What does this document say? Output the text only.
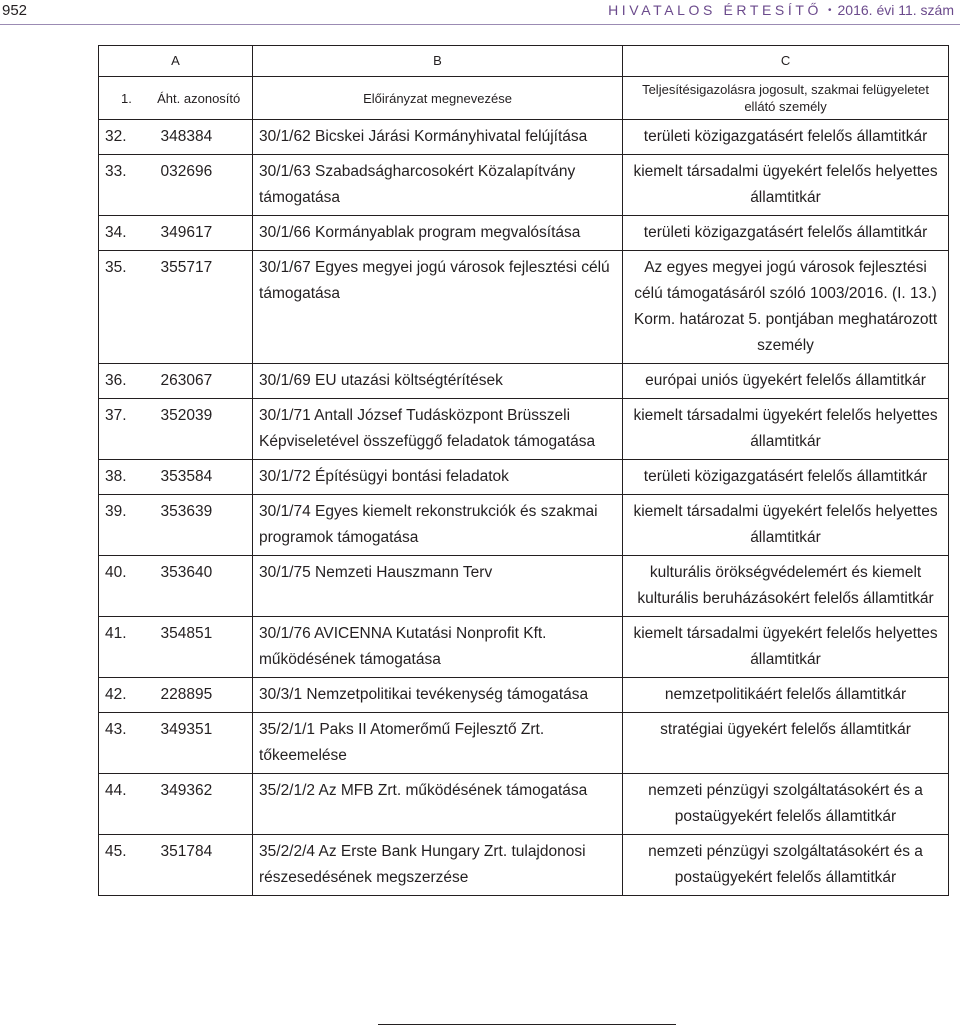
952	HIVATALOS ÉRTESÍTŐ • 2016. évi 11. szám
A		B	C
1. Áht. azonosító		Előirányzat megnevezése	Teljesítésigazolásra jogosult, szakmai felügyeletet ellátó személy
32.	348384	30/1/62 Bicskei Járási Kormányhivatal felújítása	területi közigazgatásért felelős államtitkár
33.	032696	30/1/63 Szabadságharcosokért Közalapítvány támogatása	kiemelt társadalmi ügyekért felelős helyettes államtitkár
34.	349617	30/1/66 Kormányablak program megvalósítása	területi közigazgatásért felelős államtitkár
35.	355717	30/1/67 Egyes megyei jogú városok fejlesztési célú támogatása	Az egyes megyei jogú városok fejlesztési célú támogatásáról szóló 1003/2016. (I. 13.) Korm. határozat 5. pontjában meghatározott személy
36.	263067	30/1/69 EU utazási költségtérítések	európai uniós ügyekért felelős államtitkár
37.	352039	30/1/71 Antall József Tudásközpont Brüsszeli Képviseletével összefüggő feladatok támogatása	kiemelt társadalmi ügyekért felelős helyettes államtitkár
38.	353584	30/1/72 Építésügyi bontási feladatok	területi közigazgatásért felelős államtitkár
39.	353639	30/1/74 Egyes kiemelt rekonstrukciók és szakmai programok támogatása	kiemelt társadalmi ügyekért felelős helyettes államtitkár
40.	353640	30/1/75 Nemzeti Hauszmann Terv	kulturális örökségvédelemért és kiemelt kulturális beruházásokért felelős államtitkár
41.	354851	30/1/76 AVICENNA Kutatási Nonprofit Kft. működésének támogatása	kiemelt társadalmi ügyekért felelős helyettes államtitkár
42.	228895	30/3/1 Nemzetpolitikai tevékenység támogatása	nemzetpolitikáért felelős államtitkár
43.	349351	35/2/1/1 Paks II Atomerőmű Fejlesztő Zrt. tőkeemelése	stratégiai ügyekért felelős államtitkár
44.	349362	35/2/1/2 Az MFB Zrt. működésének támogatása	nemzeti pénzügyi szolgáltatásokért és a postaügyekért felelős államtitkár
45.	351784	35/2/2/4 Az Erste Bank Hungary Zrt. tulajdonosi részesedésének megszerzése	nemzeti pénzügyi szolgáltatásokért és a postaügyekért felelős államtitkár
